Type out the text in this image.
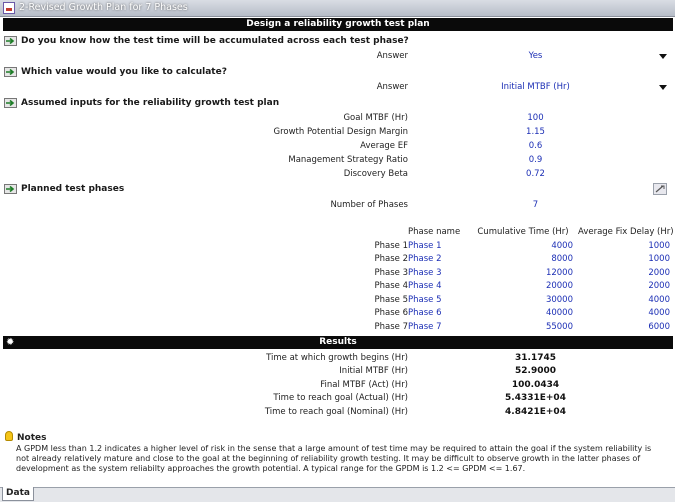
2-Revised Growth Plan for 7 Phases
Design a reliability growth test plan
Do you know how the test time will be accumulated across each test phase?
Answer	Yes
Which value would you like to calculate?
Answer	Initial MTBF (Hr)
Assumed inputs for the reliability growth test plan
Goal MTBF (Hr)	100
Growth Potential Design Margin	1.15
Average EF	0.6
Management Strategy Ratio	0.9
Discovery Beta	0.72
Planned test phases
Number of Phases	7
Phase name	Cumulative Time (Hr)	Average Fix Delay (Hr)
Phase 1 Phase 1	4000	1000
Phase 2 Phase 2	8000	1000
Phase 3 Phase 3	12000	2000
Phase 4 Phase 4	20000	2000
Phase 5 Phase 5	30000	4000
Phase 6 Phase 6	40000	4000
Phase 7 Phase 7	55000	6000
✹	Results
Time at which growth begins (Hr)	31.1745
Initial MTBF (Hr)	52.9000
Final MTBF (Act) (Hr)	100.0434
Time to reach goal (Actual) (Hr)	5.4331E+04
Time to reach goal (Nominal) (Hr)	4.8421E+04
Notes
A GPDM less than 1.2 indicates a higher level of risk in the sense that a large amount of test time may be required to attain the goal if the system reliability is not already relatively mature and close to the goal at the beginning of reliability growth testing. It may be difficult to observe growth in the latter phases of development as the system reliabilty approaches the growth potential. A typical range for the GPDM is 1.2 <= GPDM <= 1.67.
Data
